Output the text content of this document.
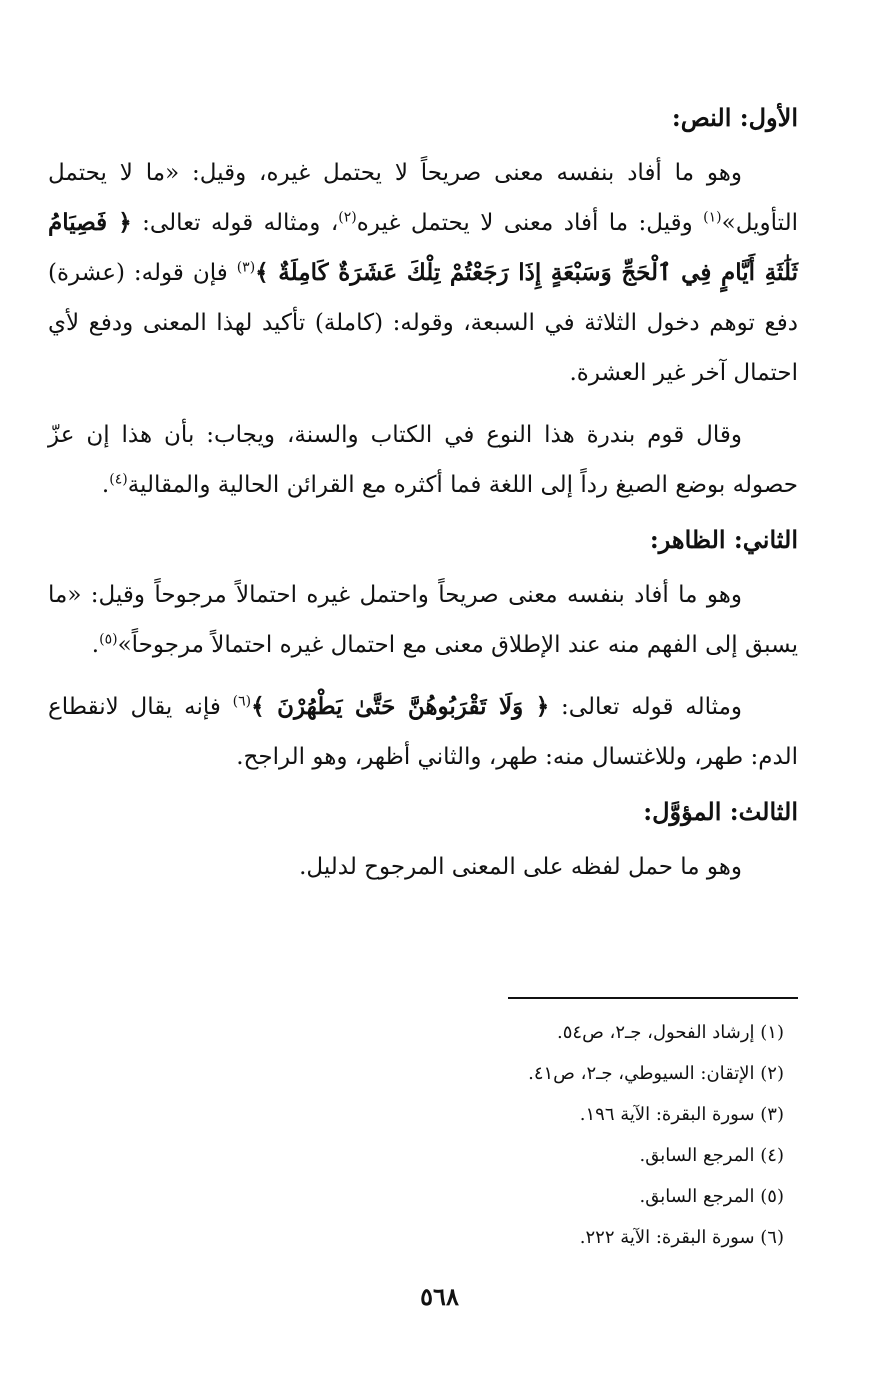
الأول: النص:

وهو ما أفاد بنفسه معنى صريحاً لا يحتمل غيره، وقيل: «ما لا يحتمل التأويل»$^{(١)}$ وقيل: ما أفاد معنى لا يحتمل غيره$^{(٢)}$، ومثاله قوله تعالى: ﴿ فَصِيَامُ ثَلَٰثَةِ أَيَّامٍ فِي ٱلْحَجِّ وَسَبْعَةٍ إِذَا رَجَعْتُمْ تِلْكَ عَشَرَةٌ كَامِلَةٌ ﴾$^{(٣)}$ فإن قوله: (عشرة) دفع توهم دخول الثلاثة في السبعة، وقوله: (كاملة) تأكيد لهذا المعنى ودفع لأي احتمال آخر غير العشرة.

وقال قوم بندرة هذا النوع في الكتاب والسنة، ويجاب: بأن هذا إن عزّ حصوله بوضع الصيغ رداً إلى اللغة فما أكثره مع القرائن الحالية والمقالية$^{(٤)}$.

الثاني: الظاهر:

وهو ما أفاد بنفسه معنى صريحاً واحتمل غيره احتمالاً مرجوحاً وقيل: «ما يسبق إلى الفهم منه عند الإطلاق معنى مع احتمال غيره احتمالاً مرجوحاً»$^{(٥)}$.

ومثاله قوله تعالى: ﴿ وَلَا تَقْرَبُوهُنَّ حَتَّىٰ يَطْهُرْنَ ﴾$^{(٦)}$ فإنه يقال لانقطاع الدم: طهر، وللاغتسال منه: طهر، والثاني أظهر، وهو الراجح.

الثالث: المؤوَّل:

وهو ما حمل لفظه على المعنى المرجوح لدليل.

(١) إرشاد الفحول، جـ٢، ص٥٤.
(٢) الإتقان: السيوطي، جـ٢، ص٤١.
(٣) سورة البقرة: الآية ١٩٦.
(٤) المرجع السابق.
(٥) المرجع السابق.
(٦) سورة البقرة: الآية ٢٢٢.
٥٦٨
